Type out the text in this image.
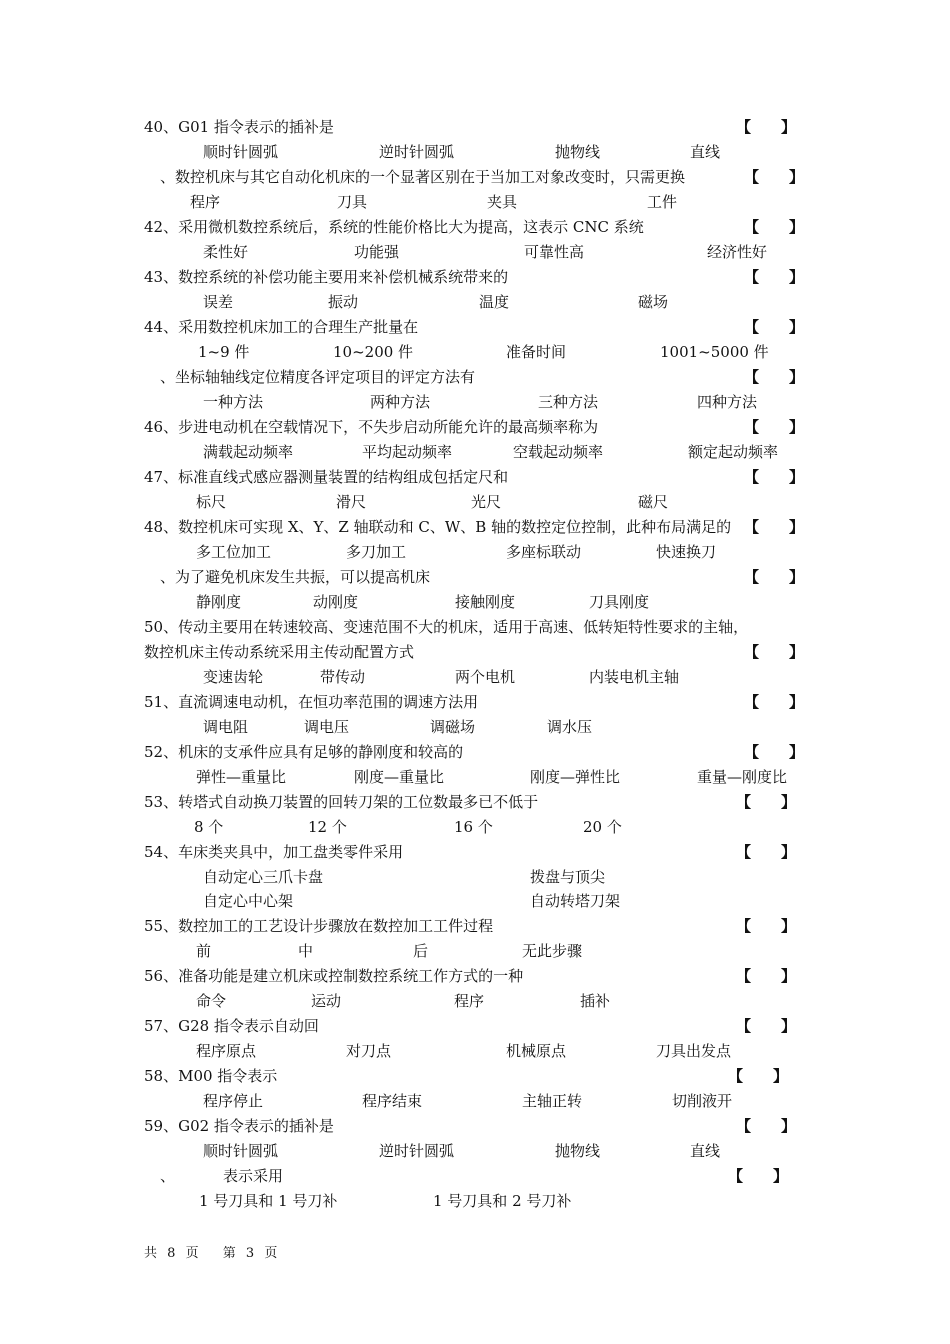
40、G01 指令表示的插补是	【　　】
顺时针圆弧	逆时针圆弧	抛物线	直线
、数控机床与其它自动化机床的一个显著区别在于当加工对象改变时，只需更换	【　　】
程序	刀具	夹具	工件
42、采用微机数控系统后，系统的性能价格比大为提高，这表示 CNC 系统	【　　】
柔性好	功能强	可靠性高	经济性好
43、数控系统的补偿功能主要用来补偿机械系统带来的	【　　】
误差	振动	温度	磁场
44、采用数控机床加工的合理生产批量在	【　　】
1~9 件	10~200 件	准备时间	1001~5000 件
、坐标轴轴线定位精度各评定项目的评定方法有	【　　】
一种方法	两种方法	三种方法	四种方法
46、步进电动机在空载情况下，不失步启动所能允许的最高频率称为	【　　】
满载起动频率	平均起动频率	空载起动频率	额定起动频率
47、标准直线式感应器测量装置的结构组成包括定尺和	【　　】
标尺	滑尺	光尺	磁尺
48、数控机床可实现 X、Y、Z 轴联动和 C、W、B 轴的数控定位控制，此种布局满足的 【　　】
多工位加工	多刀加工	多座标联动	快速换刀
、为了避免机床发生共振，可以提高机床	【　　】
静刚度	动刚度	接触刚度	刀具刚度
50、传动主要用在转速较高、变速范围不大的机床，适用于高速、低转矩特性要求的主轴，
数控机床主传动系统采用主传动配置方式	【　　】
变速齿轮	带传动	两个电机	内装电机主轴
51、直流调速电动机，在恒功率范围的调速方法用	【　　】
调电阻	调电压	调磁场	调水压
52、机床的支承件应具有足够的静刚度和较高的	【　　】
弹性—重量比	刚度—重量比	刚度—弹性比	重量—刚度比
53、转塔式自动换刀装置的回转刀架的工位数最多已不低于	【　　】
8 个	12 个	16 个	20 个
54、车床类夹具中，加工盘类零件采用	【　　】
自动定心三爪卡盘	拨盘与顶尖
自定心中心架	自动转塔刀架
55、数控加工的工艺设计步骤放在数控加工工件过程	【　　】
前	中	后	无此步骤
56、准备功能是建立机床或控制数控系统工作方式的一种	【　　】
命令	运动	程序	插补
57、G28 指令表示自动回	【　　】
程序原点	对刀点	机械原点	刀具出发点
58、M00 指令表示	【　　】
程序停止	程序结束	主轴正转	切削液开
59、G02 指令表示的插补是	【　　】
顺时针圆弧	逆时针圆弧	抛物线	直线
、	表示采用	【　　】
1 号刀具和 1 号刀补	1 号刀具和 2 号刀补
共 8 页 第 3 页
